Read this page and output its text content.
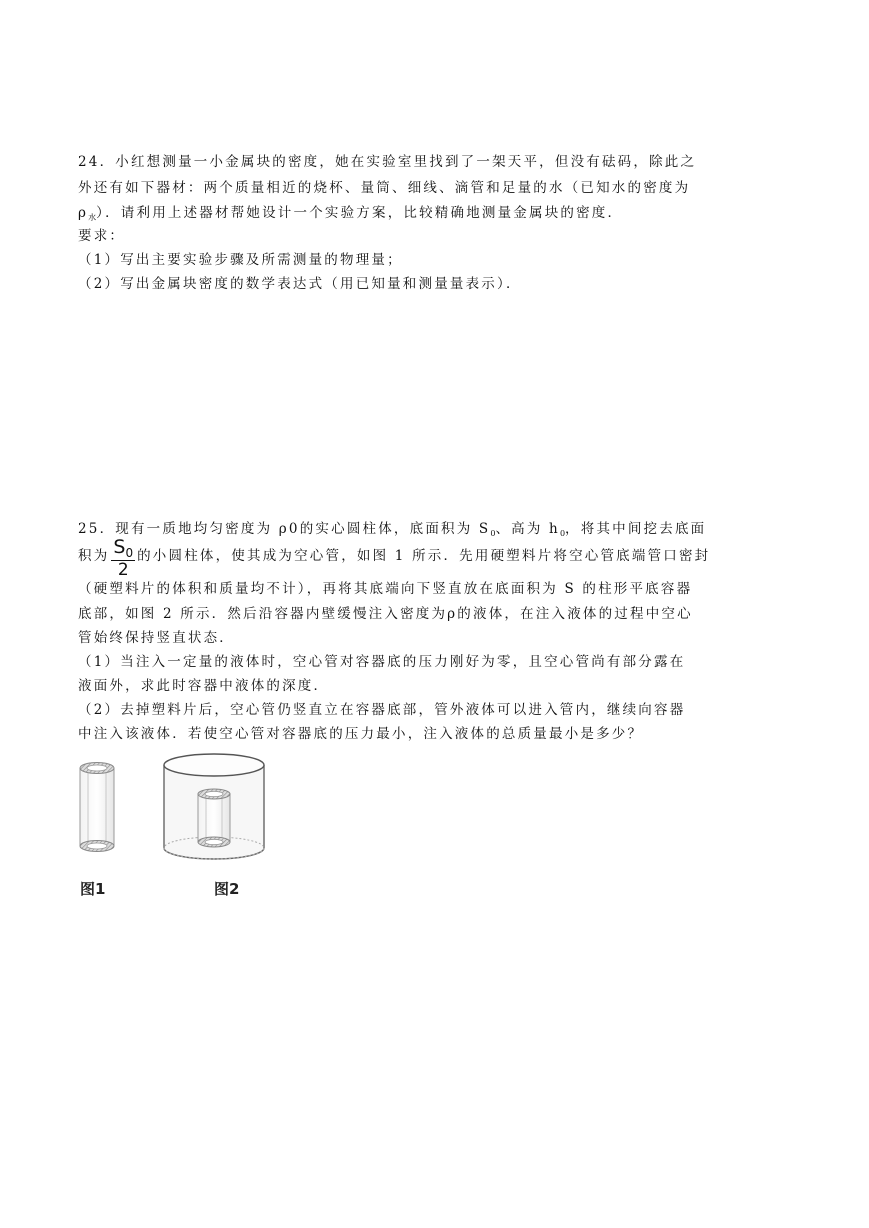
24．小红想测量一小金属块的密度，她在实验室里找到了一架天平，但没有砝码，除此之
外还有如下器材：两个质量相近的烧杯、量筒、细线、滴管和足量的水（已知水的密度为
$\rho_水$）．请利用上述器材帮她设计一个实验方案，比较精确地测量金属块的密度．
要求：
（1）写出主要实验步骤及所需测量的物理量；
（2）写出金属块密度的数学表达式（用已知量和测量量表示）．
25．现有一质地均匀密度为 ρ0的实心圆柱体，底面积为 $S_0$、高为 $h_0$，将其中间挖去底面
积为 $\frac{S_0}{2}$ 的小圆柱体，使其成为空心管，如图 1 所示．先用硬塑料片将空心管底端管口密封
（硬塑料片的体积和质量均不计），再将其底端向下竖直放在底面积为 S 的柱形平底容器
底部，如图 2 所示．然后沿容器内壁缓慢注入密度为ρ的液体，在注入液体的过程中空心
管始终保持竖直状态．
（1）当注入一定量的液体时，空心管对容器底的压力刚好为零，且空心管尚有部分露在
液面外，求此时容器中液体的深度．
（2）去掉塑料片后，空心管仍竖直立在容器底部，管外液体可以进入管内，继续向容器
中注入该液体．若使空心管对容器底的压力最小，注入液体的总质量最小是多少？
图1	图2
